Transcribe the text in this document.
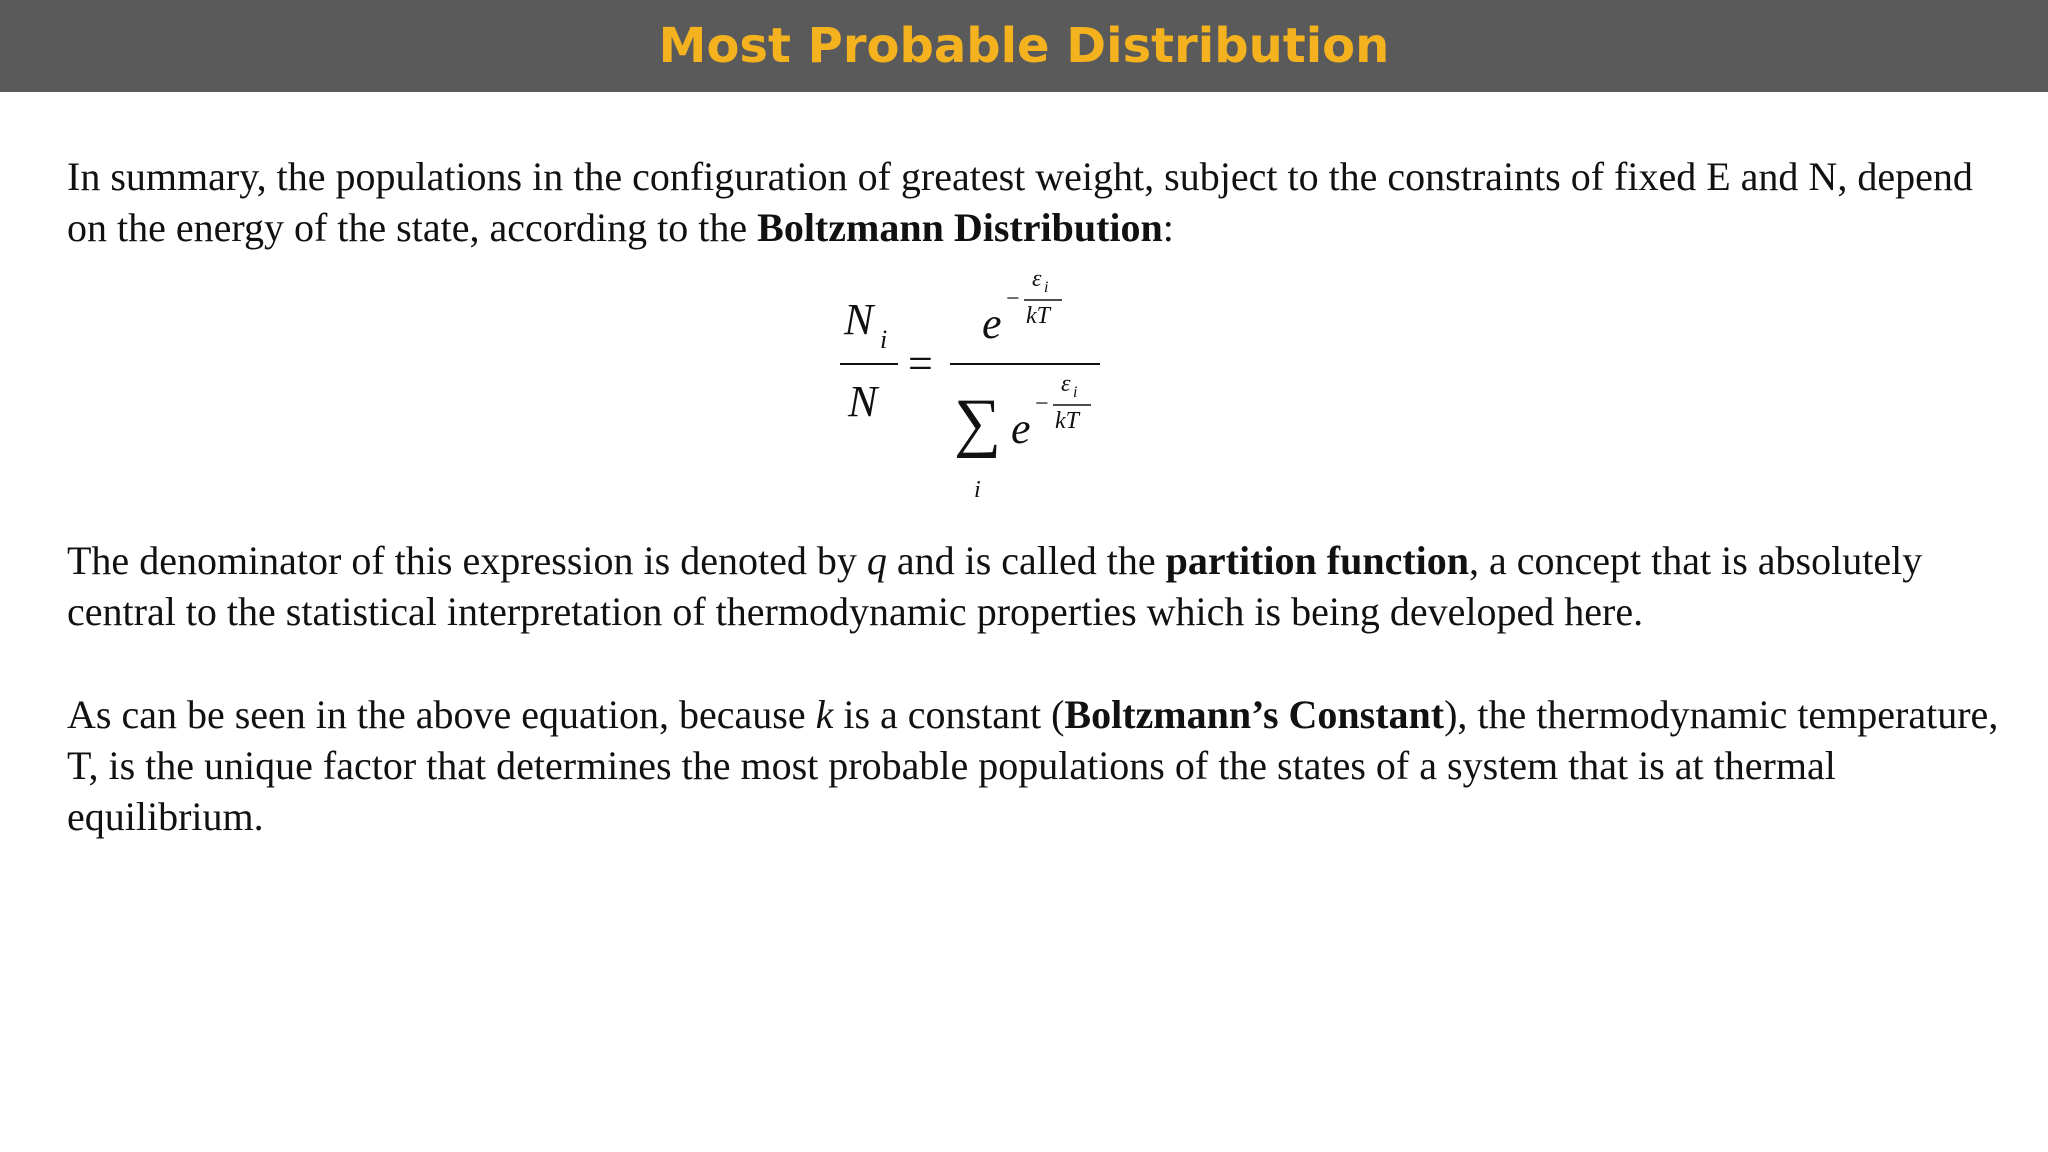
Most Probable Distribution

In summary, the populations in the configuration of greatest weight, subject to the constraints of fixed E and N, depend on the energy of the state, according to the Boltzmann Distribution:

N i
N
=
e −
ε i
kT
∑
i
e −
ε i
kT

The denominator of this expression is denoted by q and is called the partition function, a concept that is absolutely central to the statistical interpretation of thermodynamic properties which is being developed here.

As can be seen in the above equation, because k is a constant (Boltzmann’s Constant), the thermodynamic temperature, T, is the unique factor that determines the most probable populations of the states of a system that is at thermal equilibrium.
